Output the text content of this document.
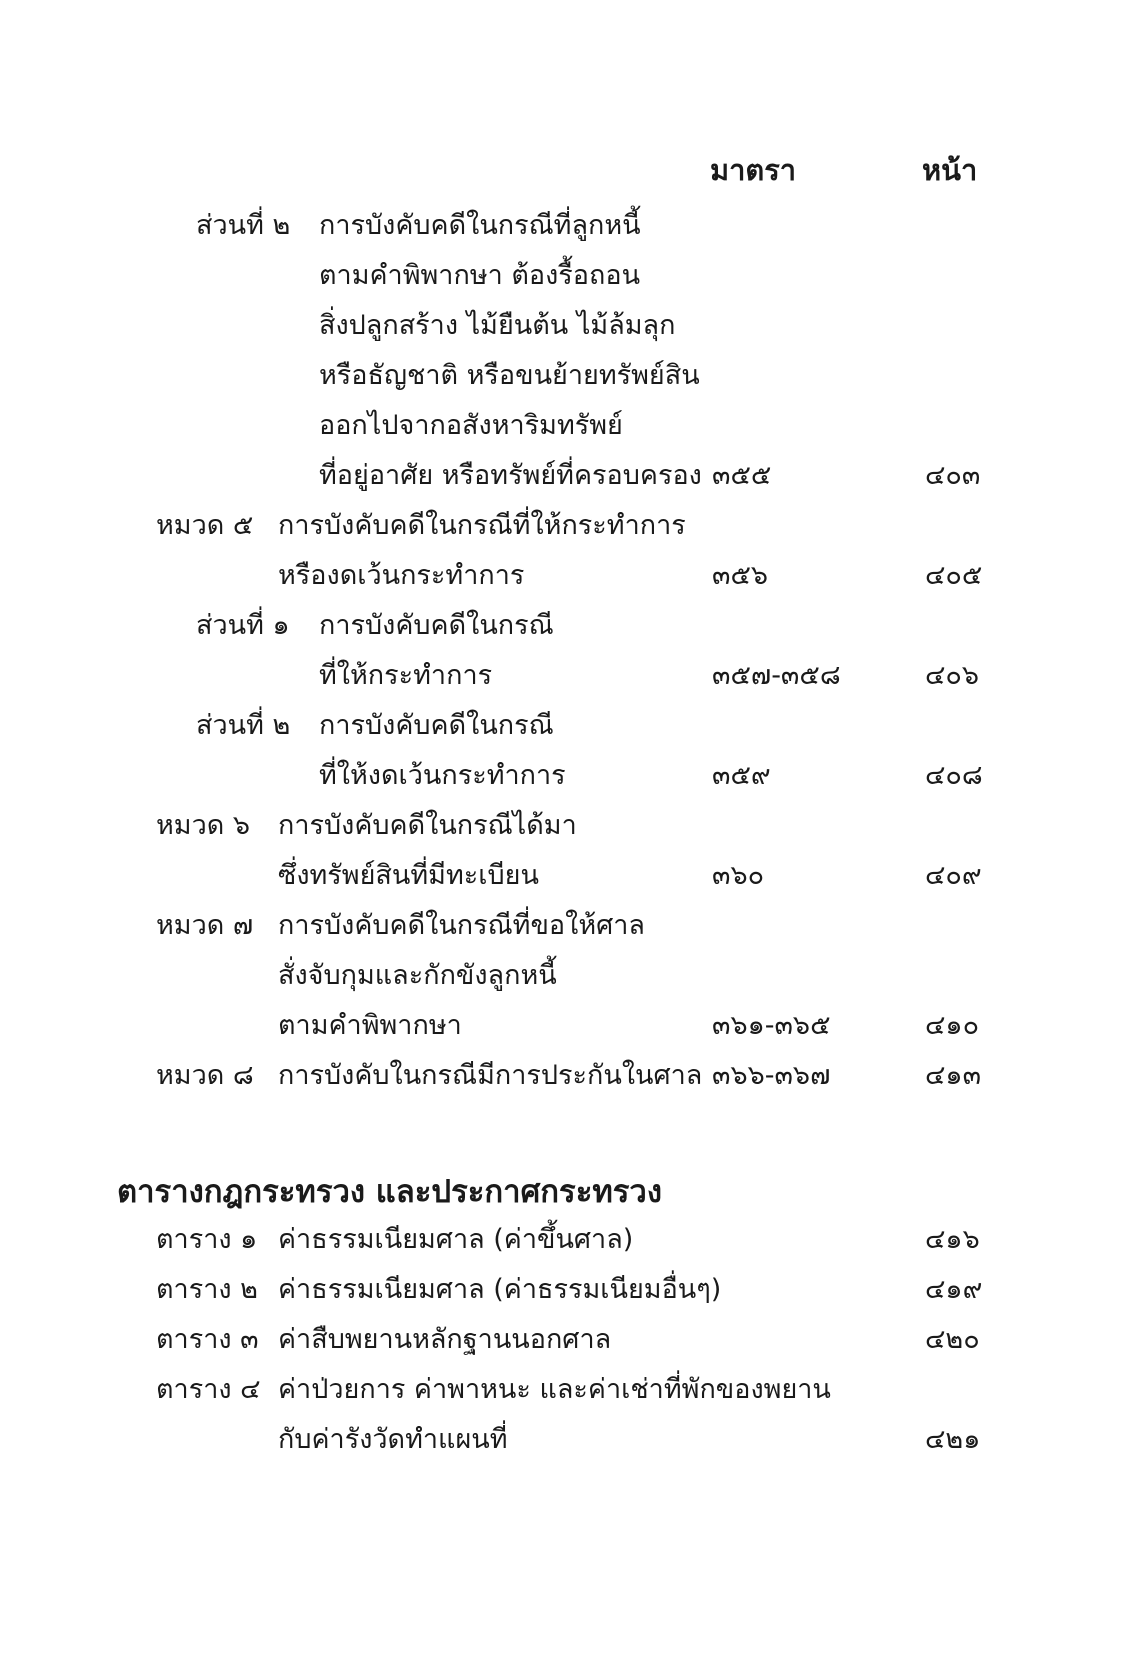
มาตรา	หน้า
ส่วนที่ ๒ การบังคับคดีในกรณีที่ลูกหนี้
ตามคำพิพากษา ต้องรื้อถอน
สิ่งปลูกสร้าง ไม้ยืนต้น ไม้ล้มลุก
หรือธัญชาติ หรือขนย้ายทรัพย์สิน
ออกไปจากอสังหาริมทรัพย์
ที่อยู่อาศัย หรือทรัพย์ที่ครอบครอง ๓๕๕	๔๐๓
หมวด ๕ การบังคับคดีในกรณีที่ให้กระทำการ
หรืองดเว้นกระทำการ	๓๕๖	๔๐๕
ส่วนที่ ๑ การบังคับคดีในกรณี
ที่ให้กระทำการ	๓๕๗-๓๕๘	๔๐๖
ส่วนที่ ๒ การบังคับคดีในกรณี
ที่ให้งดเว้นกระทำการ	๓๕๙	๔๐๘
หมวด ๖ การบังคับคดีในกรณีได้มา
ซึ่งทรัพย์สินที่มีทะเบียน	๓๖๐	๔๐๙
หมวด ๗ การบังคับคดีในกรณีที่ขอให้ศาล
สั่งจับกุมและกักขังลูกหนี้
ตามคำพิพากษา	๓๖๑-๓๖๕	๔๑๐
หมวด ๘ การบังคับในกรณีมีการประกันในศาล ๓๖๖-๓๖๗	๔๑๓
ตารางกฎกระทรวง และประกาศกระทรวง
ตาราง ๑ ค่าธรรมเนียมศาล (ค่าขึ้นศาล)	๔๑๖
ตาราง ๒ ค่าธรรมเนียมศาล (ค่าธรรมเนียมอื่นๆ)	๔๑๙
ตาราง ๓ ค่าสืบพยานหลักฐานนอกศาล	๔๒๐
ตาราง ๔ ค่าป่วยการ ค่าพาหนะ และค่าเช่าที่พักของพยาน
กับค่ารังวัดทำแผนที่	๔๒๑
